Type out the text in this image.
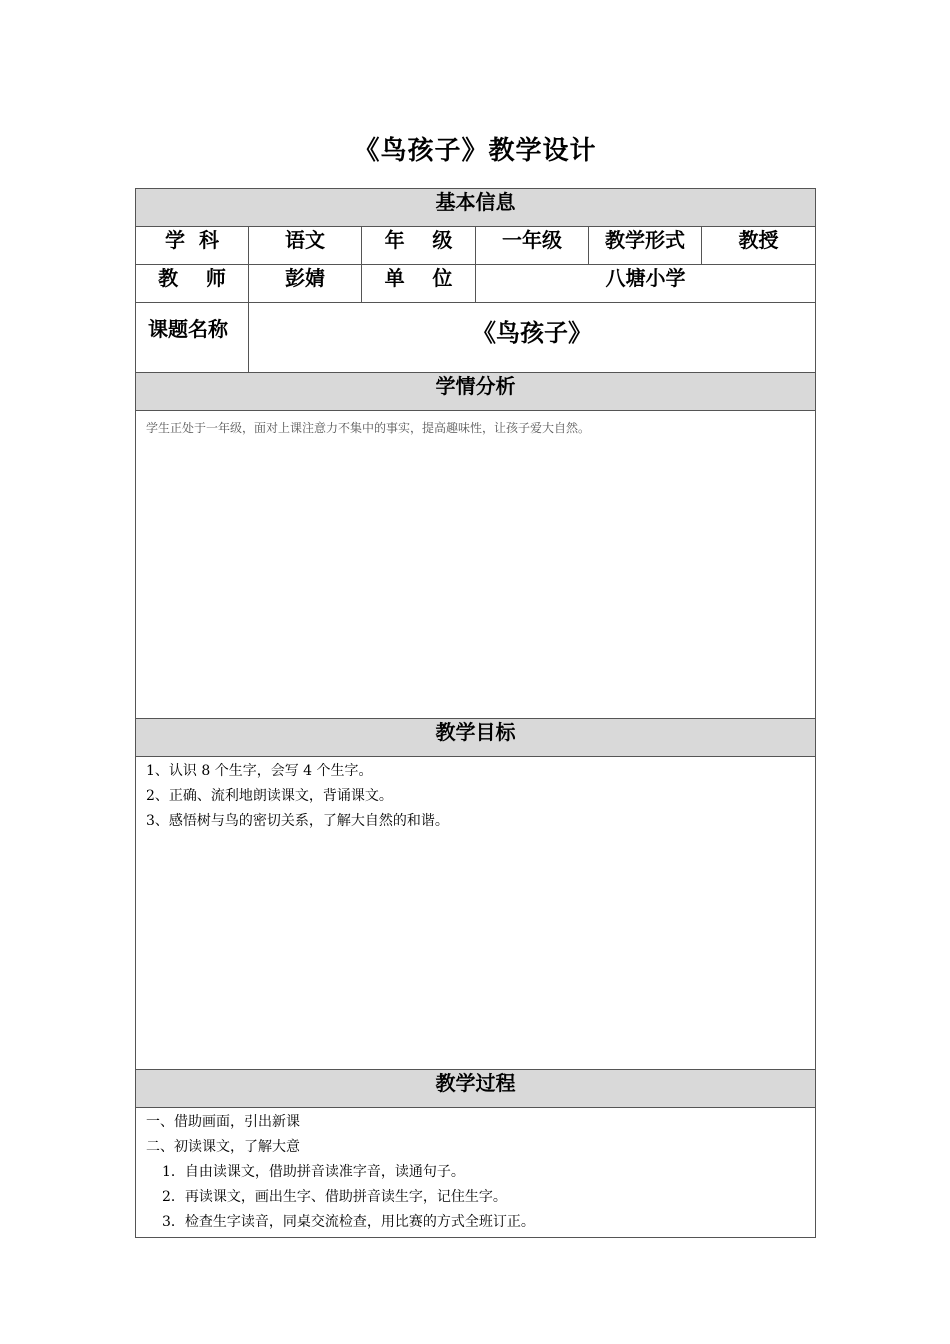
《鸟孩子》教学设计
基本信息					
学  科	语文	年    级	一年级	教学形式	教授
教    师	彭婧	单    位	八塘小学		
课题名称	《鸟孩子》				
学情分析					

学生正处于一年级，面对上课注意力不集中的事实，提高趣味性，让孩子爱大自然。					

教学目标					

1、认识 8 个生字，会写 4 个生字。
2、正确、流利地朗读课文，背诵课文。
3、感悟树与鸟的密切关系，了解大自然的和谐。					

教学过程					

一、借助画面，引出新课
二、初读课文，了解大意
1．自由读课文，借助拼音读准字音，读通句子。
2．再读课文，画出生字、借助拼音读生字，记住生字。
3．检查生字读音，同桌交流检查，用比赛的方式全班订正。					
